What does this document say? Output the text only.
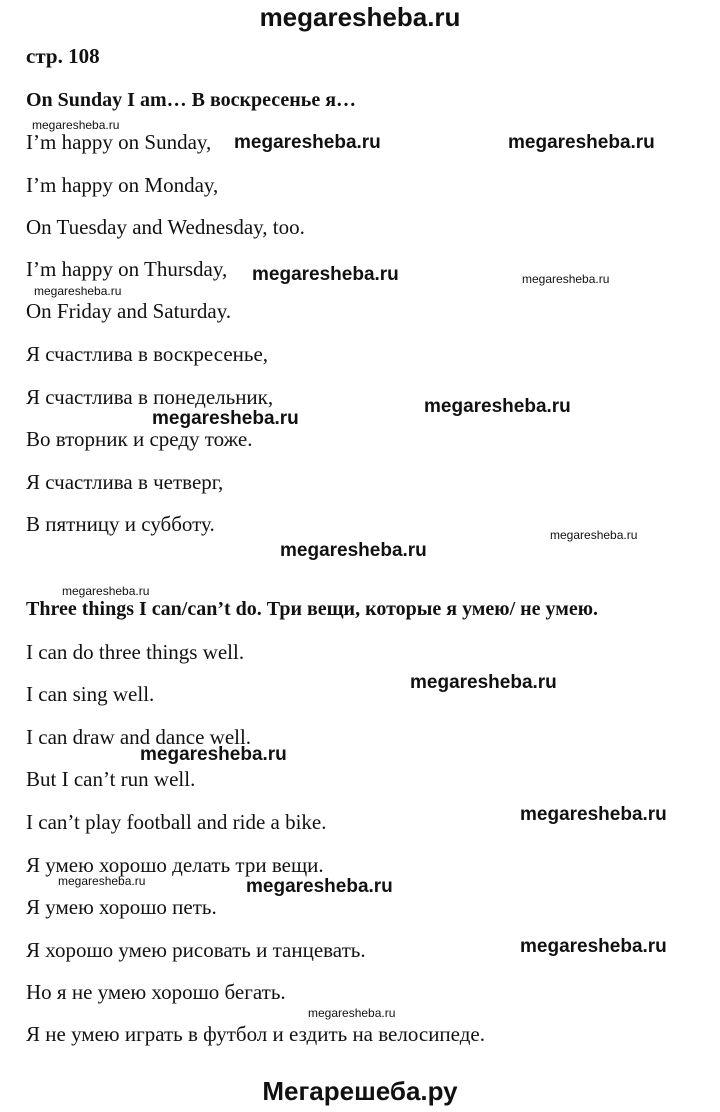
megaresheba.ru
стр. 108
On Sunday I am… В воскресенье я…
I’m happy on Sunday,
I’m happy on Monday,
On Tuesday and Wednesday, too.
I’m happy on Thursday,
On Friday and Saturday.
Я счастлива в воскресенье,
Я счастлива в понедельник,
Во вторник и среду тоже.
Я счастлива в четверг,
В пятницу и субботу.
Three things I can/can’t do. Три вещи, которые я умею/ не умею.
I can do three things well.
I can sing well.
I can draw and dance well.
But I can’t run well.
I can’t play football and ride a bike.
Я умею хорошо делать три вещи.
Я умею хорошо петь.
Я хорошо умею рисовать и танцевать.
Но я не умею хорошо бегать.
Я не умею играть в футбол и ездить на велосипеде.
megaresheba.ru	megaresheba.ru
megaresheba.ru
megaresheba.ru
megaresheba.ru
megaresheba.ru
megaresheba.ru
megaresheba.ru
megaresheba.ru
megaresheba.ru
megaresheba.ru
megaresheba.ru
megaresheba.ru
megaresheba.ru
megaresheba.ru
megaresheba.ru
megaresheba.ru
megaresheba.ru
Мегарешеба.ру
